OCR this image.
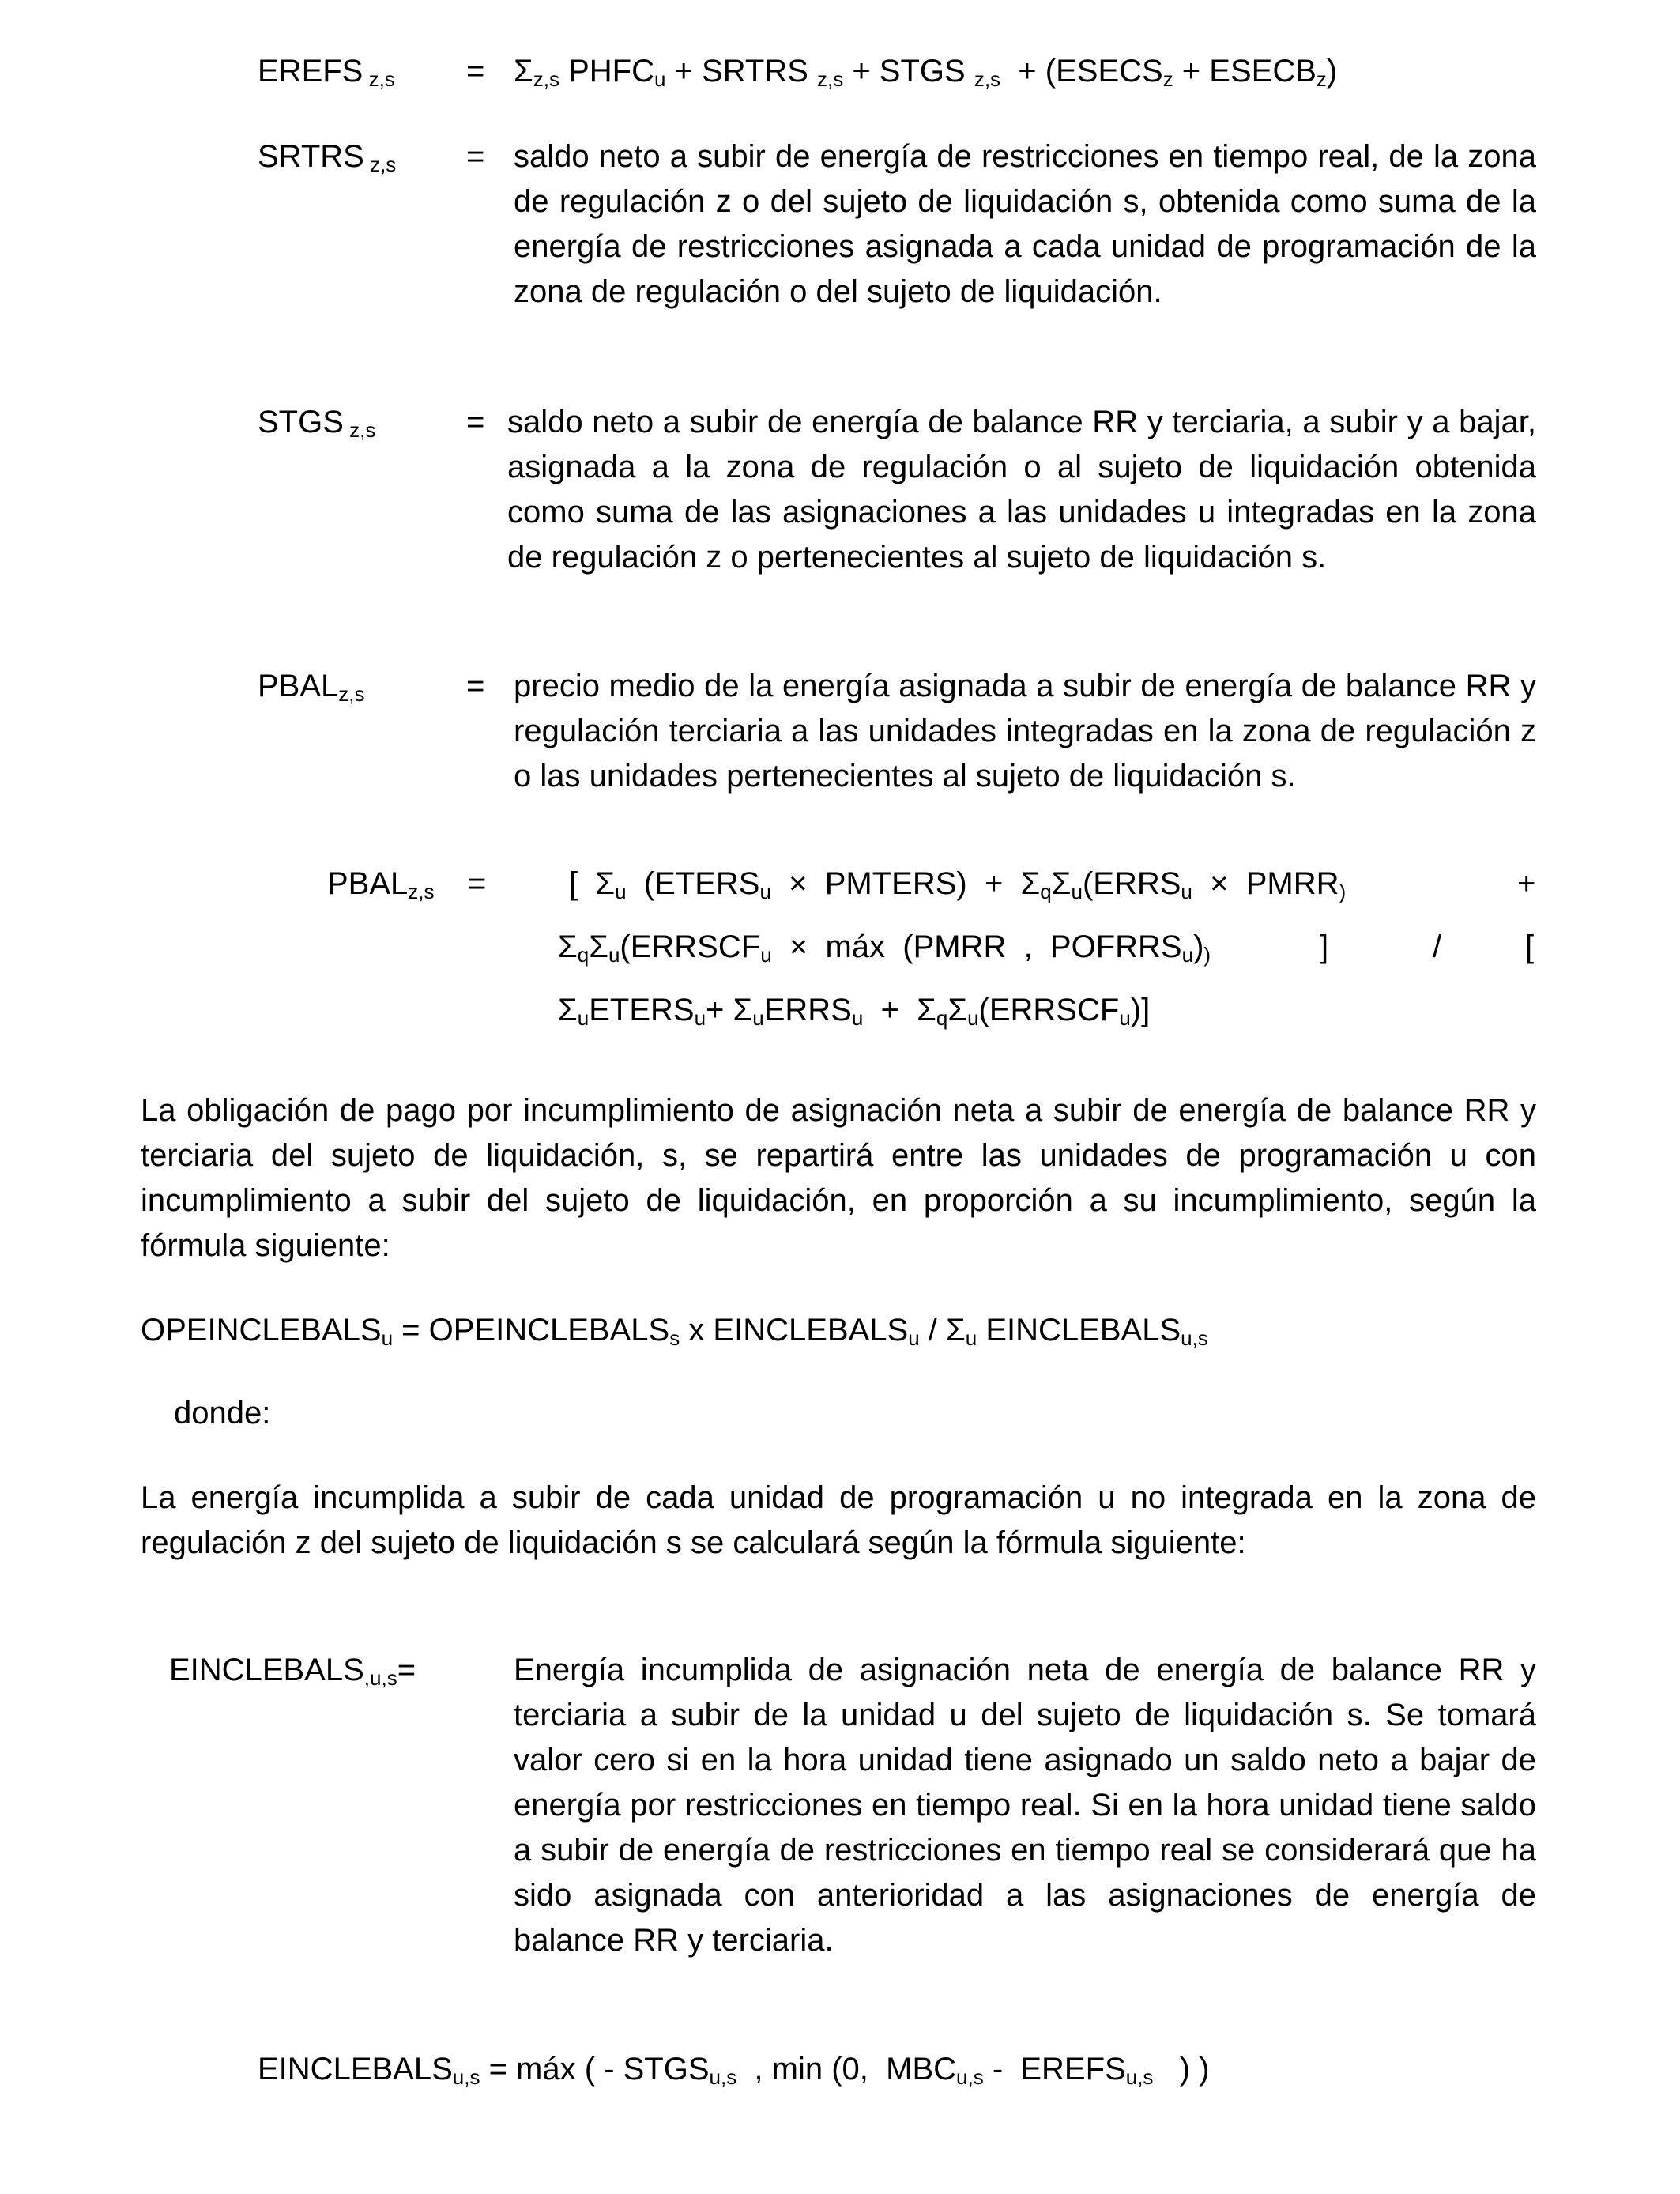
EREFS $_{z,s} = \Sigma_{z,s}$ $PHFC_u$ + SRTRS $_{z,s}$ + STGS $_{z,s} + (ESECS_z$ + $ESECB_z$)
SRTRS $_{z,s}$ = saldo neto a subir de energía de restricciones en tiempo real, de la zona de regulación z o del sujeto de liquidación s, obtenida como suma de la energía de restricciones asignada a cada unidad de programación de la zona de regulación o del sujeto de liquidación.
STGS $_{z,s}$	= saldo neto a subir de energía de balance RR y terciaria, a subir y a bajar, asignada a la zona de regulación o al sujeto de liquidación obtenida como suma de las asignaciones a las unidades u integradas en la zona de regulación z o pertenecientes al sujeto de liquidación s.
$PBAL_{z,s}$	= precio medio de la energía asignada a subir de energía de balance RR y regulación terciaria a las unidades integradas en la zona de regulación z o las unidades pertenecientes al sujeto de liquidación s.
$PBAL_{z,s}$ =	[  $\Sigma_u$  ($ETERS_u$  ×  PMTERS)  +  $\Sigma_q\Sigma_u(ERRS_u$  ×  $PMRR_)$	+
$\Sigma_q\Sigma_u(ERRSCF_u$  ×  máx  (PMRR  ,  $POFRRS_u)_)$	]	/	[
$\Sigma_uETERS_u+$ $\Sigma_uERRS_u$  +  $\Sigma_q\Sigma_u(ERRSCF_u)$]
La obligación de pago por incumplimiento de asignación neta a subir de energía de balance RR y terciaria del sujeto de liquidación, s, se repartirá entre las unidades de programación u con incumplimiento a subir del sujeto de liquidación, en proporción a su incumplimiento, según la fórmula siguiente:
$OPEINCLEBALS_u$ = $OPEINCLEBALS_s$ x $EINCLEBALS_u / \Sigma_u$ $EINCLEBALS_{u,s}$
donde:
La energía incumplida a subir de cada unidad de programación u no integrada en la zona de regulación z del sujeto de liquidación s se calculará según la fórmula siguiente:
$EINCLEBALS_{,u,s}=$	Energía incumplida de asignación neta de energía de balance RR y terciaria a subir de la unidad u del sujeto de liquidación s. Se tomará valor cero si en la hora unidad tiene asignado un saldo neto a bajar de energía por restricciones en tiempo real. Si en la hora unidad tiene saldo a subir de energía de restricciones en tiempo real se considerará que ha sido asignada con anterioridad a las asignaciones de energía de balance RR y terciaria.
$EINCLEBALS_{u,s}$ = máx ( - $STGS_{u,s}$  , min (0,  $MBC_{u,s}$ -  $EREFS_{u,s}$   ) )
